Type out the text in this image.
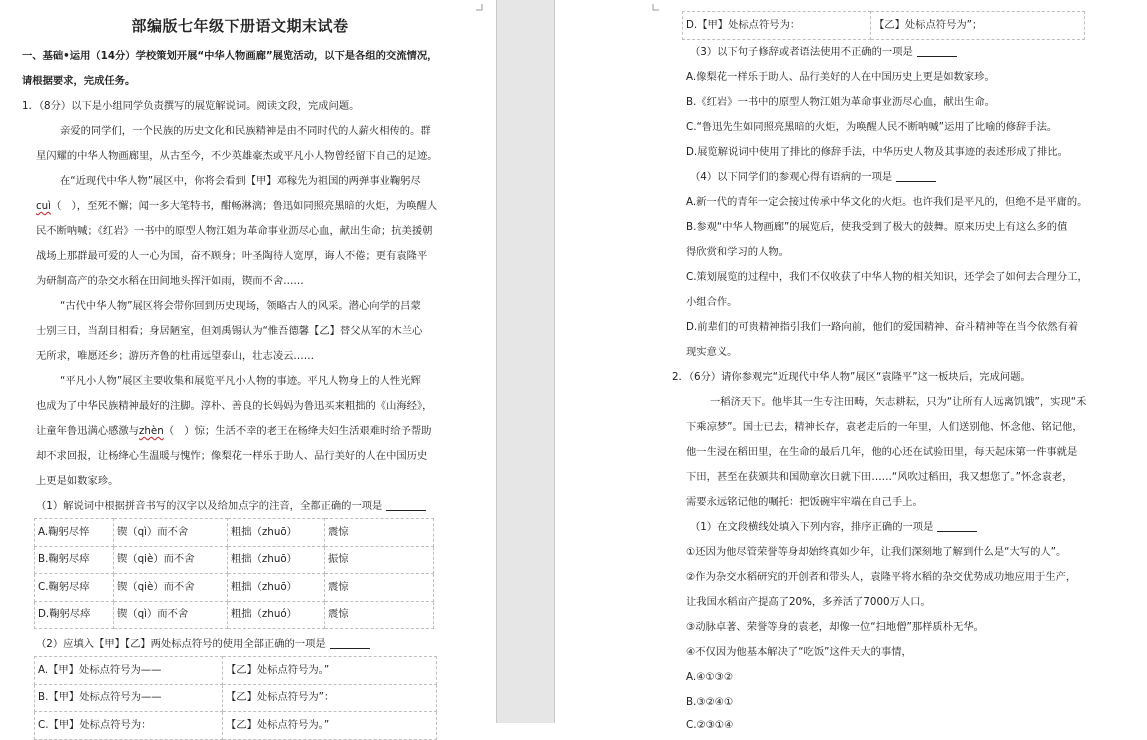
部编版七年级下册语文期末试卷
一、基础•运用（14分）学校策划开展“中华人物画廊”展览活动，以下是各组的交流情况，
请根据要求，完成任务。
1．（8分）以下是小组同学负责撰写的展览解说词。阅读文段，完成问题。
亲爱的同学们，一个民族的历史文化和民族精神是由不同时代的人薪火相传的。群
星闪耀的中华人物画廊里，从古至今，不少英雄豪杰或平凡小人物曾经留下自己的足迹。
在“近现代中华人物”展区中，你将会看到【甲】邓稼先为祖国的两弹事业鞠躬尽
cuì（　），至死不懈；闻一多大笔特书，酣畅淋漓；鲁迅如同照亮黑暗的火炬，为唤醒人
民不断呐喊；《红岩》一书中的原型人物江姐为革命事业沥尽心血，献出生命；抗美援朝
战场上那群最可爱的人一心为国，奋不顾身；叶圣陶待人宽厚，诲人不倦；更有袁隆平
为研制高产的杂交水稻在田间地头挥汗如雨，锲而不舍……
“古代中华人物”展区将会带你回到历史现场，领略古人的风采。潜心向学的吕蒙
士别三日，当刮目相看；身居陋室，但刘禹锡认为“惟吾德馨【乙】替父从军的木兰心
无所求，唯愿还乡；游历齐鲁的杜甫远望泰山，壮志凌云……
“平凡小人物”展区主要收集和展览平凡小人物的事迹。平凡人物身上的人性光辉
也成为了中华民族精神最好的注脚。淳朴、善良的长妈妈为鲁迅买来粗拙的《山海经》，
让童年鲁迅满心感激与zhèn（　）惊；生活不幸的老王在杨绛夫妇生活艰难时给予帮助
却不求回报，让杨绛心生温暖与愧怍；像梨花一样乐于助人、品行美好的人在中国历史
上更是如数家珍。
（1）解说词中根据拼音书写的汉字以及给加点字的注音，全都正确的一项是
A.鞠躬尽悴	锲（qì）而不舍	粗拙（zhuō）	震惊
B.鞠躬尽瘁	锲（qiè）而不舍	粗拙（zhuō）	振惊
C.鞠躬尽瘁	锲（qiè）而不舍	粗拙（zhuō）	震惊
D.鞠躬尽瘁	锲（qì）而不舍	粗拙（zhuó）	震惊
（2）应填入【甲】【乙】两处标点符号的使用全部正确的一项是
A.【甲】处标点符号为——	【乙】处标点符号为。”
B.【甲】处标点符号为——	【乙】处标点符号为”：
C.【甲】处标点符号为：	【乙】处标点符号为。”
D.【甲】处标点符号为：	【乙】处标点符号为”；
（3）以下句子修辞或者语法使用不正确的一项是
A.像梨花一样乐于助人、品行美好的人在中国历史上更是如数家珍。
B.《红岩》一书中的原型人物江姐为革命事业沥尽心血，献出生命。
C.“鲁迅先生如同照亮黑暗的火炬，为唤醒人民不断呐喊”运用了比喻的修辞手法。
D.展览解说词中使用了排比的修辞手法，中华历史人物及其事迹的表述形成了排比。
（4）以下同学们的参观心得有语病的一项是
A.新一代的青年一定会接过传承中华文化的火炬。也许我们是平凡的，但绝不是平庸的。
B.参观“中华人物画廊”的展览后，使我受到了极大的鼓舞。原来历史上有这么多的值
得欣赏和学习的人物。
C.策划展览的过程中，我们不仅收获了中华人物的相关知识，还学会了如何去合理分工，
小组合作。
D.前辈们的可贵精神指引我们一路向前，他们的爱国精神、奋斗精神等在当今依然有着
现实意义。
2．（6分）请你参观完“近现代中华人物”展区“袁隆平”这一板块后，完成问题。
一稻济天下。他毕其一生专注田畴，矢志耕耘，只为“让所有人远离饥饿”，实现“禾
下乘凉梦”。国士已去，精神长存，袁老走后的一年里，人们送别他、怀念他、铭记他，
他一生浸在稻田里，在生命的最后几年，他的心还在试验田里，每天起床第一件事就是
下田，甚至在获颁共和国勋章次日就下田……“风吹过稻田，我又想您了。”怀念袁老，
需要永远铭记他的嘱托：把饭碗牢牢端在自己手上。
（1）在文段横线处填入下列内容，排序正确的一项是
①还因为他尽管荣誉等身却始终真如少年，让我们深刻地了解到什么是“大写的人”。
②作为杂交水稻研究的开创者和带头人，袁隆平将水稻的杂交优势成功地应用于生产，
让我国水稻亩产提高了20%，多养活了7000万人口。
③动脉卓著、荣誉等身的袁老，却像一位“扫地僧”那样质朴无华。
④不仅因为他基本解决了“吃饭”这件天大的事情，
A.④①③②
B.③②④①
C.②③①④
